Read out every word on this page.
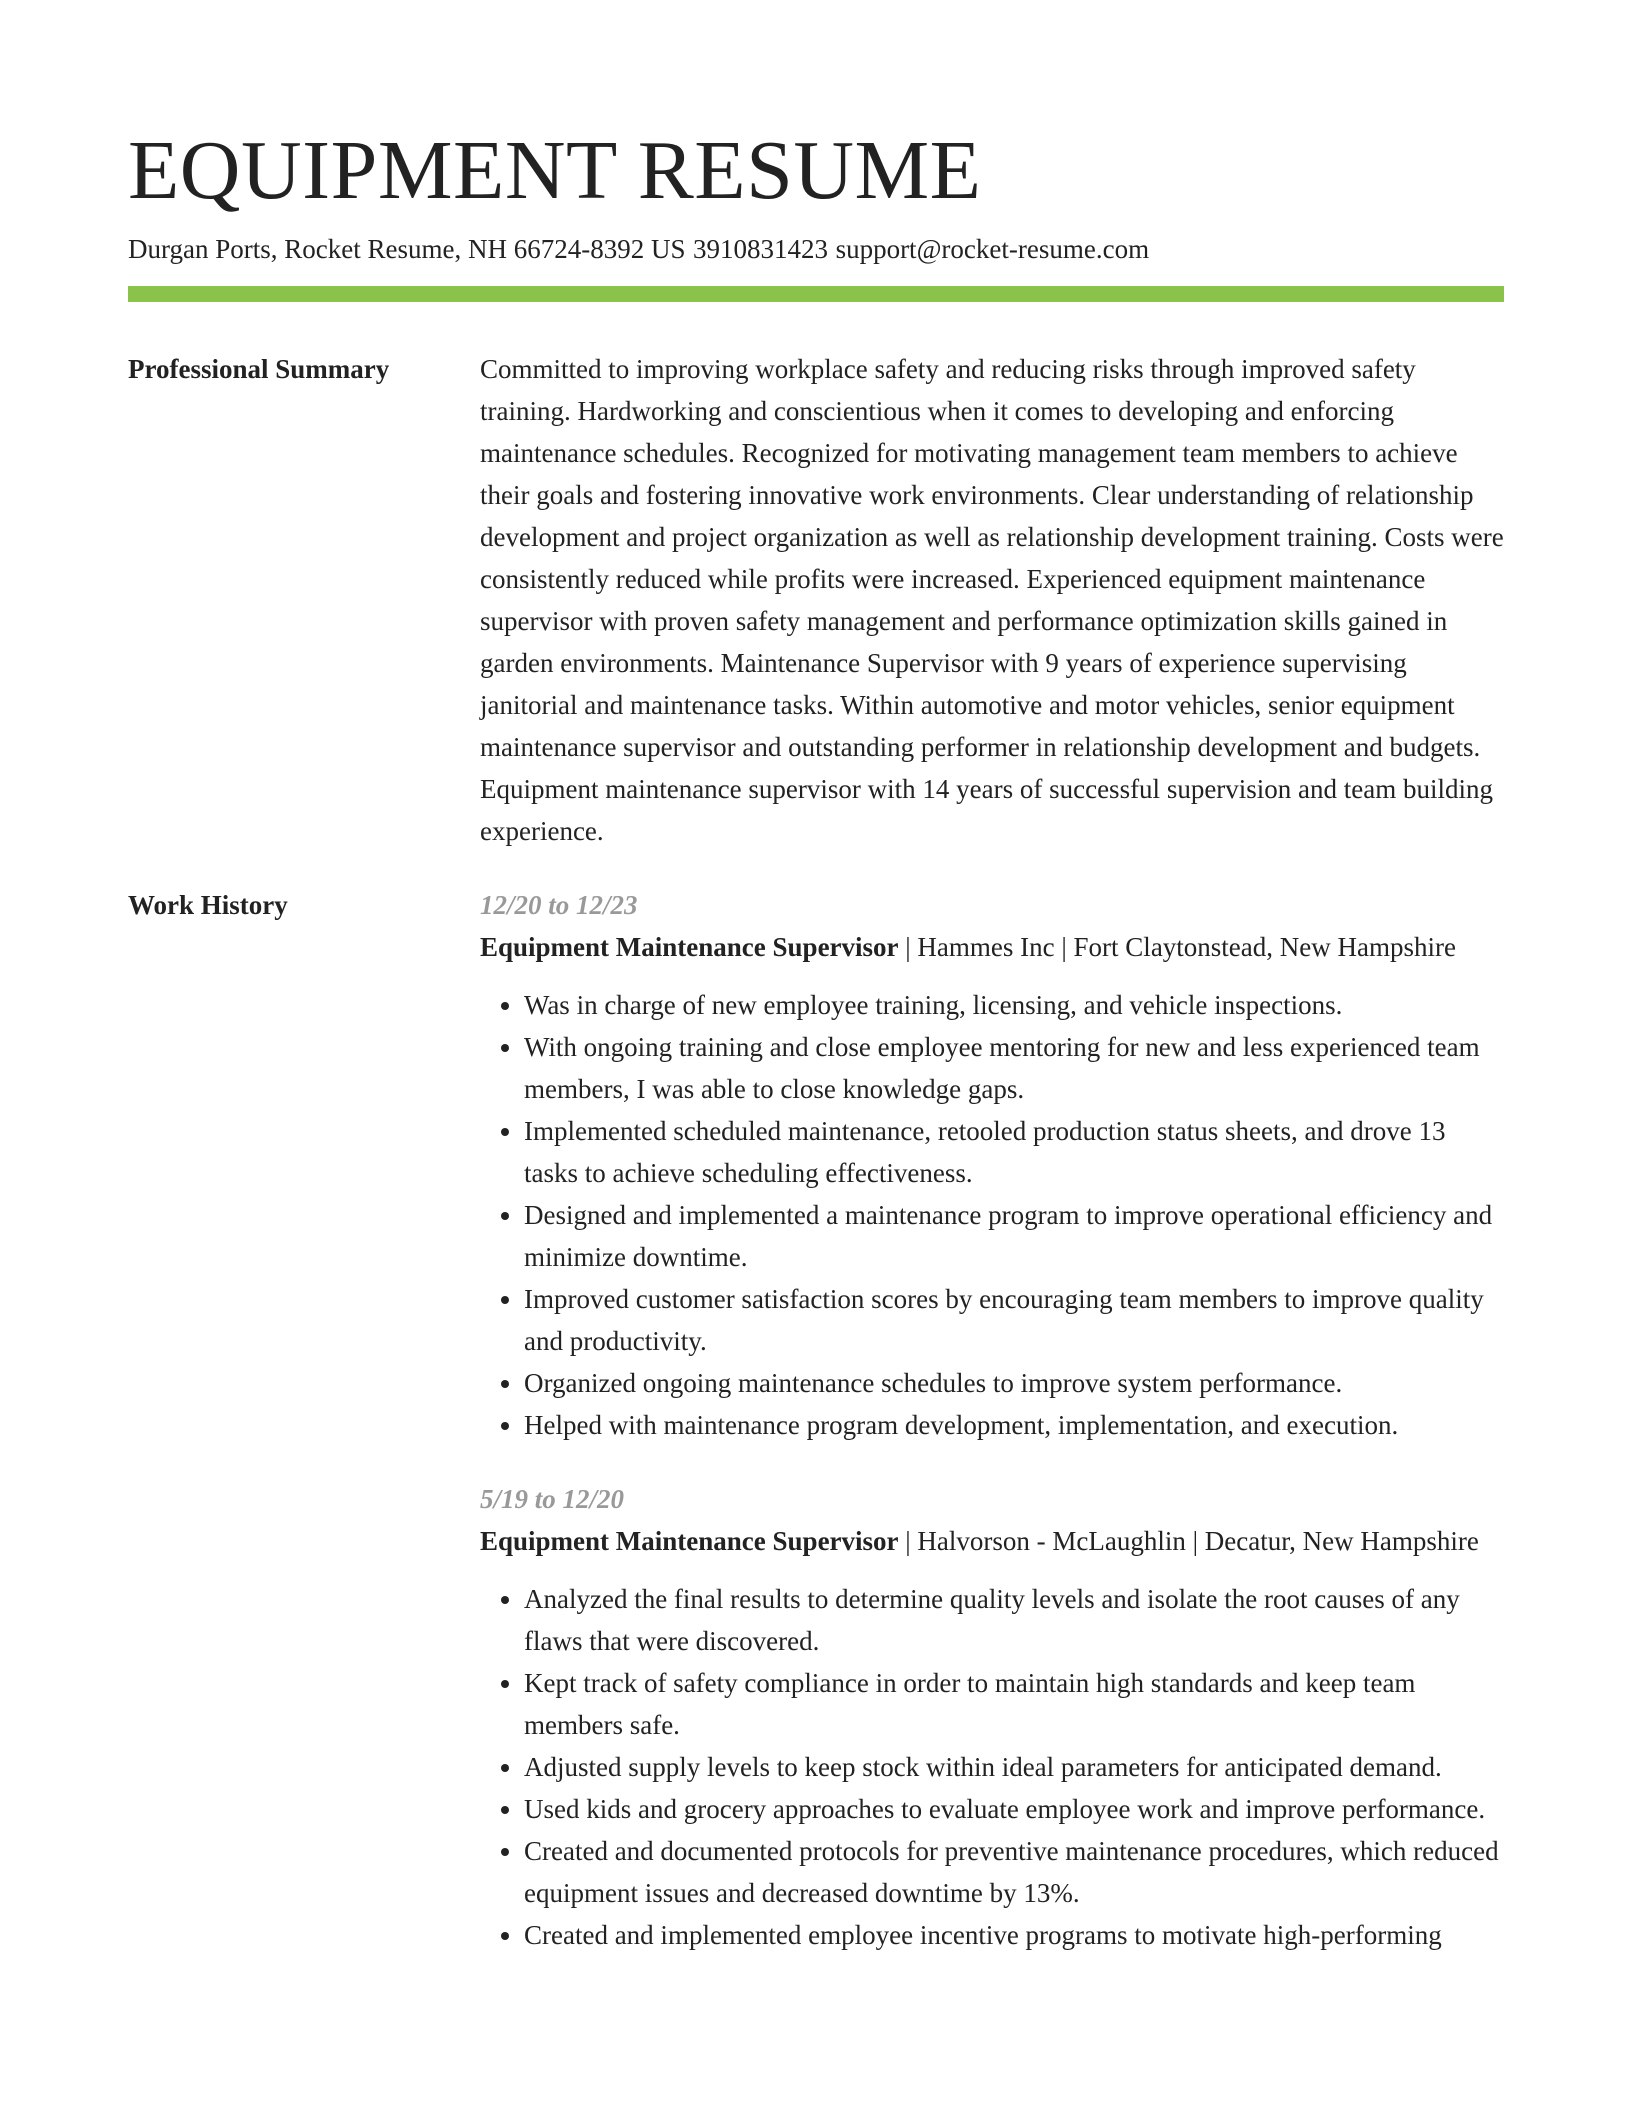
EQUIPMENT RESUME
Durgan Ports, Rocket Resume, NH 66724-8392 US 3910831423 support@rocket-resume.com
Professional Summary	Committed to improving workplace safety and reducing risks through improved safety training. Hardworking and conscientious when it comes to developing and enforcing maintenance schedules. Recognized for motivating management team members to achieve their goals and fostering innovative work environments. Clear understanding of relationship development and project organization as well as relationship development training. Costs were consistently reduced while profits were increased. Experienced equipment maintenance supervisor with proven safety management and performance optimization skills gained in garden environments. Maintenance Supervisor with 9 years of experience supervising janitorial and maintenance tasks. Within automotive and motor vehicles, senior equipment maintenance supervisor and outstanding performer in relationship development and budgets. Equipment maintenance supervisor with 14 years of successful supervision and team building experience.

Work History	12/20 to 12/23

Equipment Maintenance Supervisor | Hammes Inc | Fort Claytonstead, New Hampshire

• Was in charge of new employee training, licensing, and vehicle inspections.
• With ongoing training and close employee mentoring for new and less experienced team members, I was able to close knowledge gaps.
• Implemented scheduled maintenance, retooled production status sheets, and drove 13 tasks to achieve scheduling effectiveness.
• Designed and implemented a maintenance program to improve operational efficiency and minimize downtime.
• Improved customer satisfaction scores by encouraging team members to improve quality and productivity.
• Organized ongoing maintenance schedules to improve system performance.
• Helped with maintenance program development, implementation, and execution.

5/19 to 12/20

Equipment Maintenance Supervisor | Halvorson - McLaughlin | Decatur, New Hampshire

• Analyzed the final results to determine quality levels and isolate the root causes of any flaws that were discovered.
• Kept track of safety compliance in order to maintain high standards and keep team members safe.
• Adjusted supply levels to keep stock within ideal parameters for anticipated demand.
• Used kids and grocery approaches to evaluate employee work and improve performance.
• Created and documented protocols for preventive maintenance procedures, which reduced equipment issues and decreased downtime by 13%.
• Created and implemented employee incentive programs to motivate high-performing
